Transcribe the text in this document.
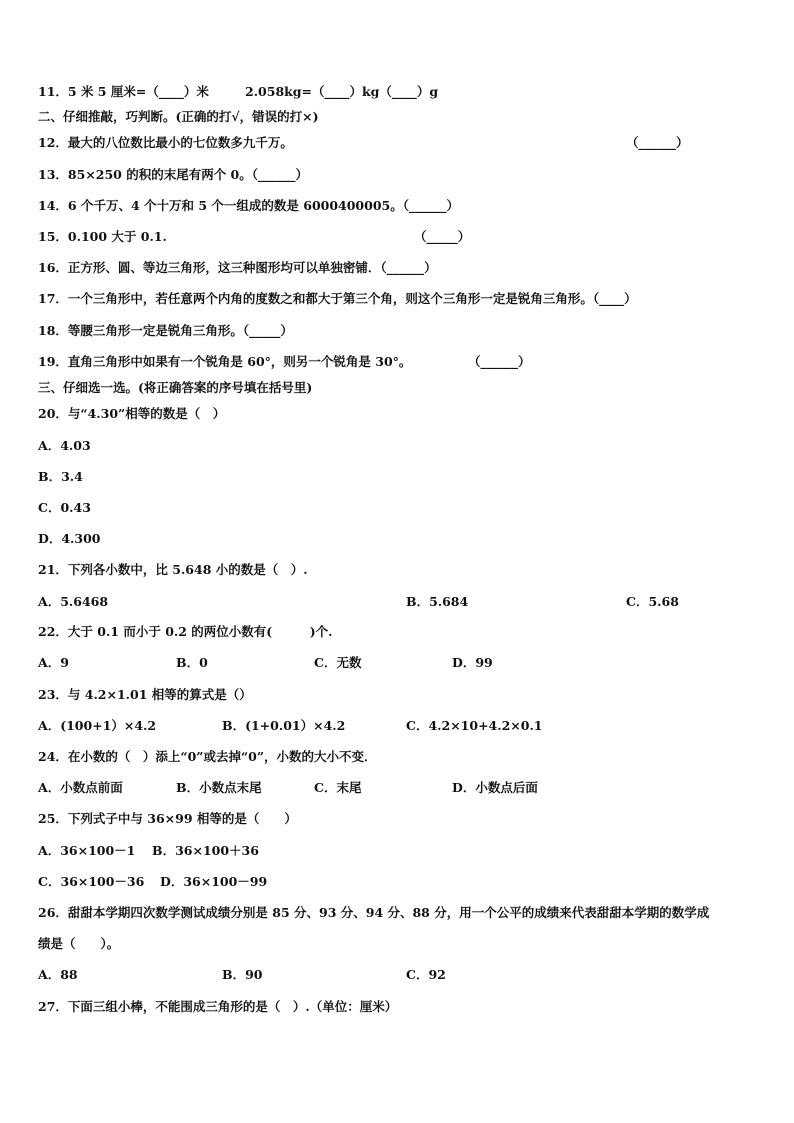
11．5 米 5 厘米=（____）米	2.058kg=（____）kg（____）g
二、仔细推敲，巧判断。(正确的打√，错误的打×)
12．最大的八位数比最小的七位数多九千万。	（______）
13．85×250 的积的末尾有两个 0。（______）
14．6 个千万、4 个十万和 5 个一组成的数是 6000400005。（______）
15．0.100 大于 0.1.	（_____）
16．正方形、圆、等边三角形，这三种图形均可以单独密铺．（______）
17．一个三角形中，若任意两个内角的度数之和都大于第三个角，则这个三角形一定是锐角三角形。（____）
18．等腰三角形一定是锐角三角形。（_____）
19．直角三角形中如果有一个锐角是 60°，则另一个锐角是 30°。	（______）
三、仔细选一选。(将正确答案的序号填在括号里)
20．与“4.30”相等的数是（　）
A．4.03
B．3.4
C．0.43
D．4.300
21．下列各小数中，比 5.648 小的数是（　）.
A．5.6468	B．5.684	C．5.68
22．大于 0.1 而小于 0.2 的两位小数有(　　　)个.
A．9	B．0	C．无数	D．99
23．与 4.2×1.01 相等的算式是（）
A．(100+1）×4.2	B．(1+0.01）×4.2	C．4.2×10+4.2×0.1
24．在小数的（　）添上“0”或去掉“0”，小数的大小不变．
A．小数点前面	B．小数点末尾	C．末尾	D．小数点后面
25．下列式子中与 36×99 相等的是（　　）
A．36×100－1 B．36×100＋36
C．36×100－36 D．36×100－99
26．甜甜本学期四次数学测试成绩分别是 85 分、93 分、94 分、88 分，用一个公平的成绩来代表甜甜本学期的数学成
绩是（　　）。
A．88	B．90	C．92
27．下面三组小棒，不能围成三角形的是（　）.（单位：厘米）
